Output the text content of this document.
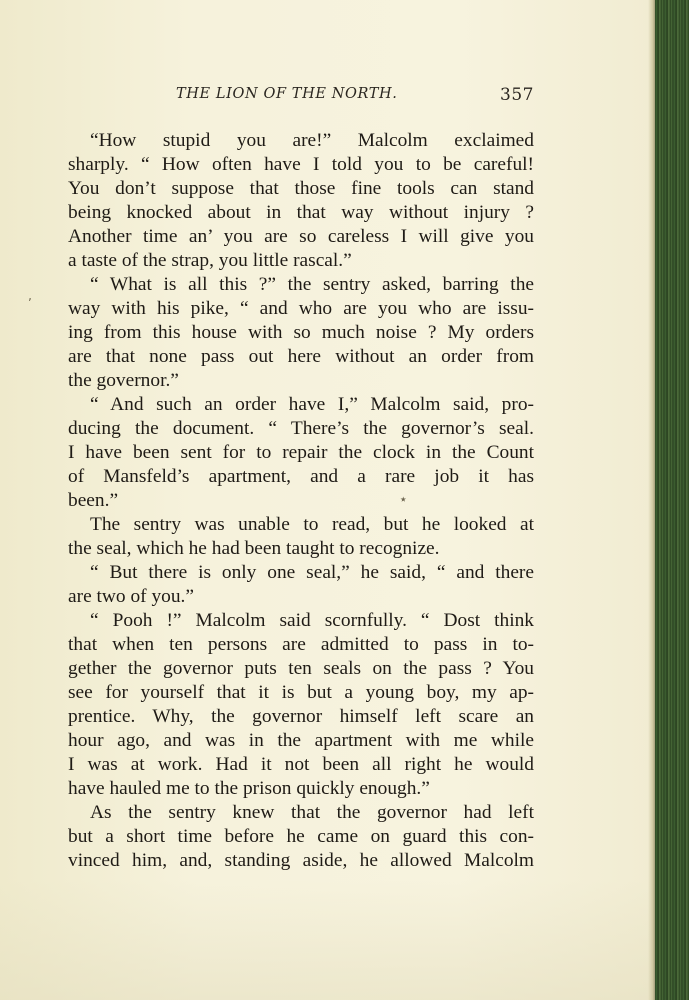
THE LION OF THE NORTH.	357
“How stupid you are!” Malcolm exclaimed
sharply. “ How often have I told you to be careful!
You don’t suppose that those fine tools can stand
being knocked about in that way without injury ?
Another time an’ you are so careless I will give you
a taste of the strap, you little rascal.”
“ What is all this ?” the sentry asked, barring the
way with his pike, “ and who are you who are issu-
ing from this house with so much noise ? My orders
are that none pass out here without an order from
the governor.”
“ And such an order have I,” Malcolm said, pro-
ducing the document. “ There’s the governor’s seal.
I have been sent for to repair the clock in the Count
of Mansfeld’s apartment, and a rare job it has
been.”
The sentry was unable to read, but he looked at
the seal, which he had been taught to recognize.
“ But there is only one seal,” he said, “ and there
are two of you.”
“ Pooh !” Malcolm said scornfully. “ Dost think
that when ten persons are admitted to pass in to-
gether the governor puts ten seals on the pass ? You
see for yourself that it is but a young boy, my ap-
prentice. Why, the governor himself left scare an
hour ago, and was in the apartment with me while
I was at work. Had it not been all right he would
have hauled me to the prison quickly enough.”
As the sentry knew that the governor had left
but a short time before he came on guard this con-
vinced him, and, standing aside, he allowed Malcolm
ʼ
٭
